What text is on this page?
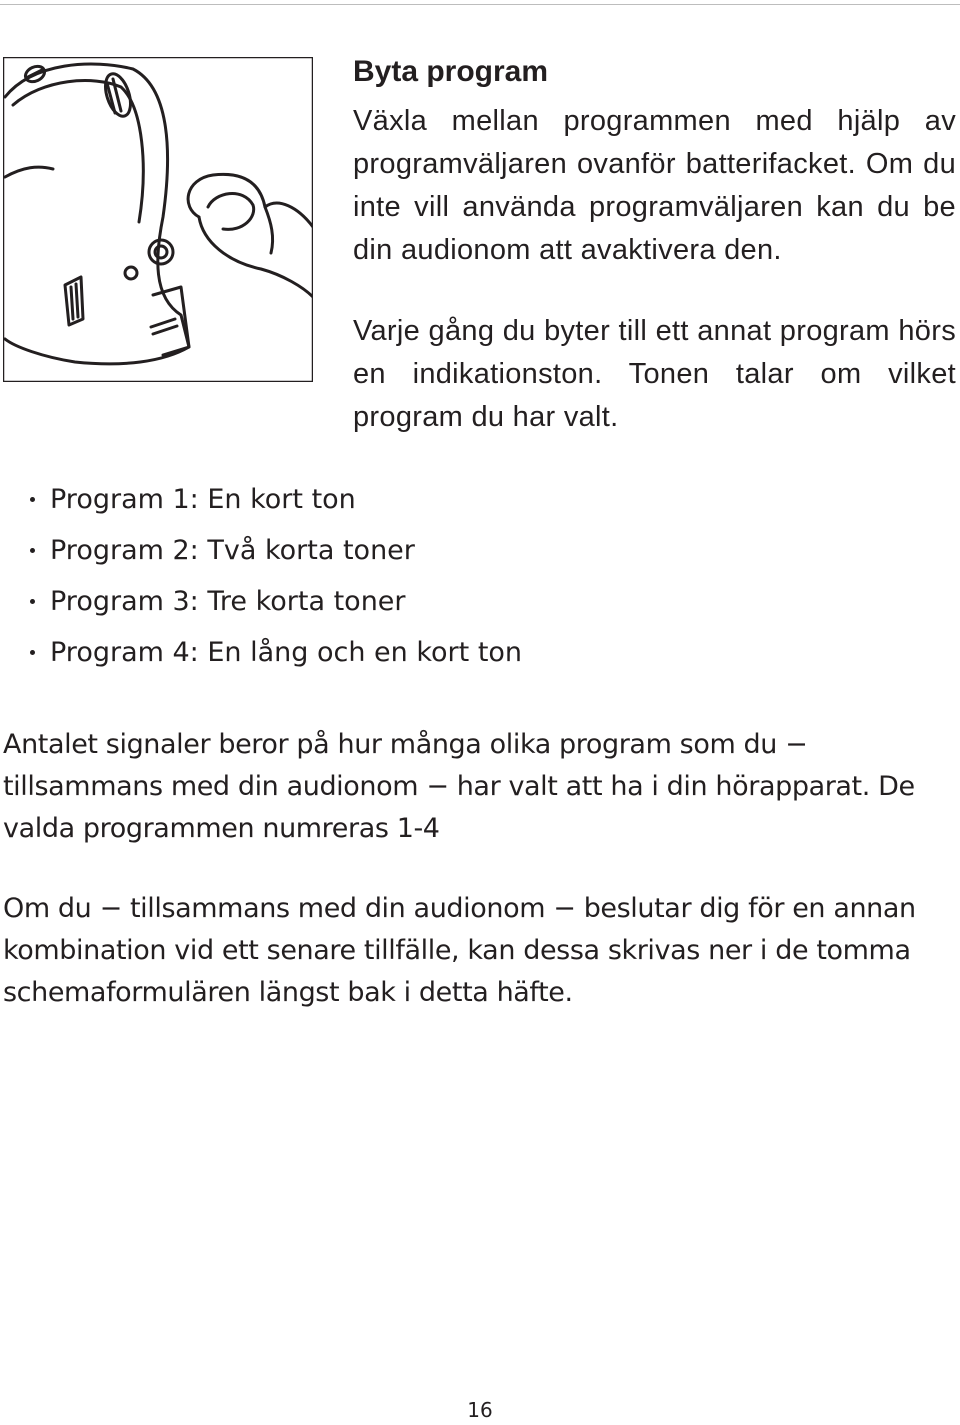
Byta program

Växla mellan programmen med hjälp av programväljaren ovanför batterifacket. Om du inte vill använda programväljaren kan du be din audionom att avaktivera den.

Varje gång du byter till ett annat program hörs en indikationston. Tonen talar om vilket program du har valt.

Program 1: En kort ton
Program 2: Två korta toner
Program 3: Tre korta toner
Program 4: En lång och en kort ton

Antalet signaler beror på hur många olika program som du − tillsammans med din audionom − har valt att ha i din hörapparat. De valda programmen numreras 1-4

Om du − tillsammans med din audionom − beslutar dig för en annan kombination vid ett senare tillfälle, kan dessa skrivas ner i de tomma schemaformulären längst bak i detta häfte.

16
